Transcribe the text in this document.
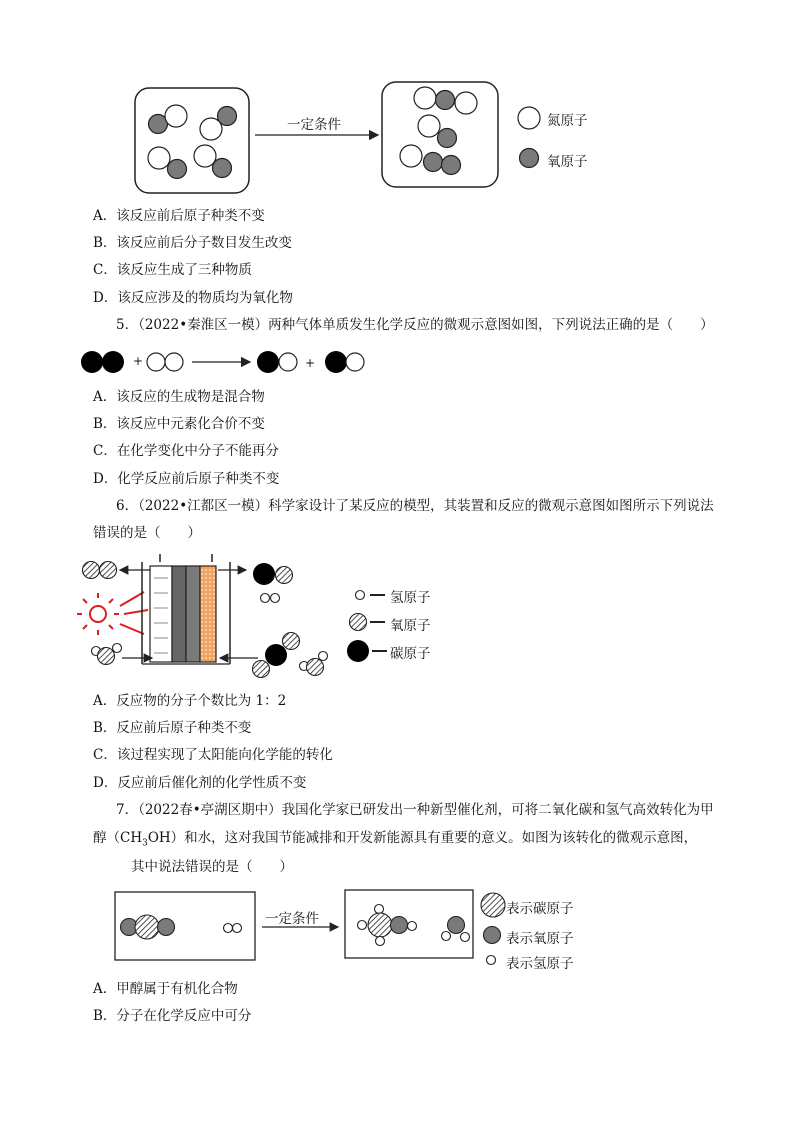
一定条件	氮原子
氧原子
A．该反应前后原子种类不变
B．该反应前后分子数目发生改变
C．该反应生成了三种物质
D．该反应涉及的物质均为氧化物
5．（2022•秦淮区一模）两种气体单质发生化学反应的微观示意图如图，下列说法正确的是（　　）
+	+
A．该反应的生成物是混合物
B．该反应中元素化合价不变
C．在化学变化中分子不能再分
D．化学反应前后原子种类不变
6．（2022•江都区一模）科学家设计了某反应的模型，其装置和反应的微观示意图如图所示下列说法
错误的是（　　）
氢原子
氧原子
碳原子
A．反应物的分子个数比为 1：2
B．反应前后原子种类不变
C．该过程实现了太阳能向化学能的转化
D．反应前后催化剂的化学性质不变
7．（2022春•亭湖区期中）我国化学家已研发出一种新型催化剂，可将二氧化碳和氢气高效转化为甲
醇$(CH_3OH)$和水，这对我国节能减排和开发新能源具有重要的意义。如图为该转化的微观示意图，
其中说法错误的是（　　）
一定条件
表示碳原子
表示氧原子
表示氢原子
A．甲醇属于有机化合物
B．分子在化学反应中可分
